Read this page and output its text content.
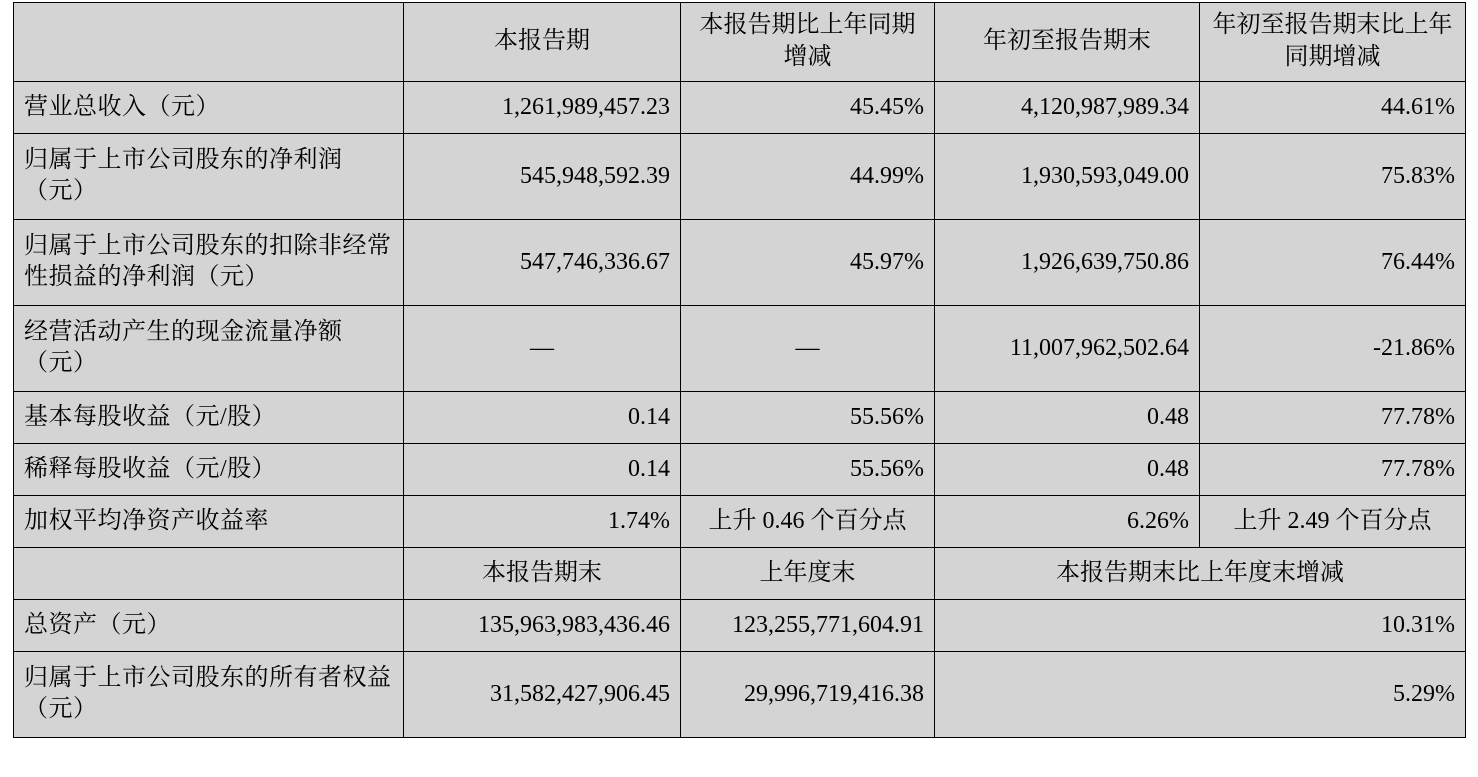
	本报告期	本报告期比上年同期增减	年初至报告期末	年初至报告期末比上年同期增减
营业总收入（元）	1,261,989,457.23	45.45%	4,120,987,989.34	44.61%
归属于上市公司股东的净利润（元）	545,948,592.39	44.99%	1,930,593,049.00	75.83%
归属于上市公司股东的扣除非经常性损益的净利润（元）	547,746,336.67	45.97%	1,926,639,750.86	76.44%
经营活动产生的现金流量净额（元）	—	—	11,007,962,502.64	-21.86%
基本每股收益（元/股）	0.14	55.56%	0.48	77.78%
稀释每股收益（元/股）	0.14	55.56%	0.48	77.78%
加权平均净资产收益率	1.74%	上升 0.46 个百分点	6.26%	上升 2.49 个百分点
	本报告期末	上年度末	本报告期末比上年度末增减	
总资产（元）	135,963,983,436.46	123,255,771,604.91	10.31%	
归属于上市公司股东的所有者权益（元）	31,582,427,906.45	29,996,719,416.38	5.29%	
